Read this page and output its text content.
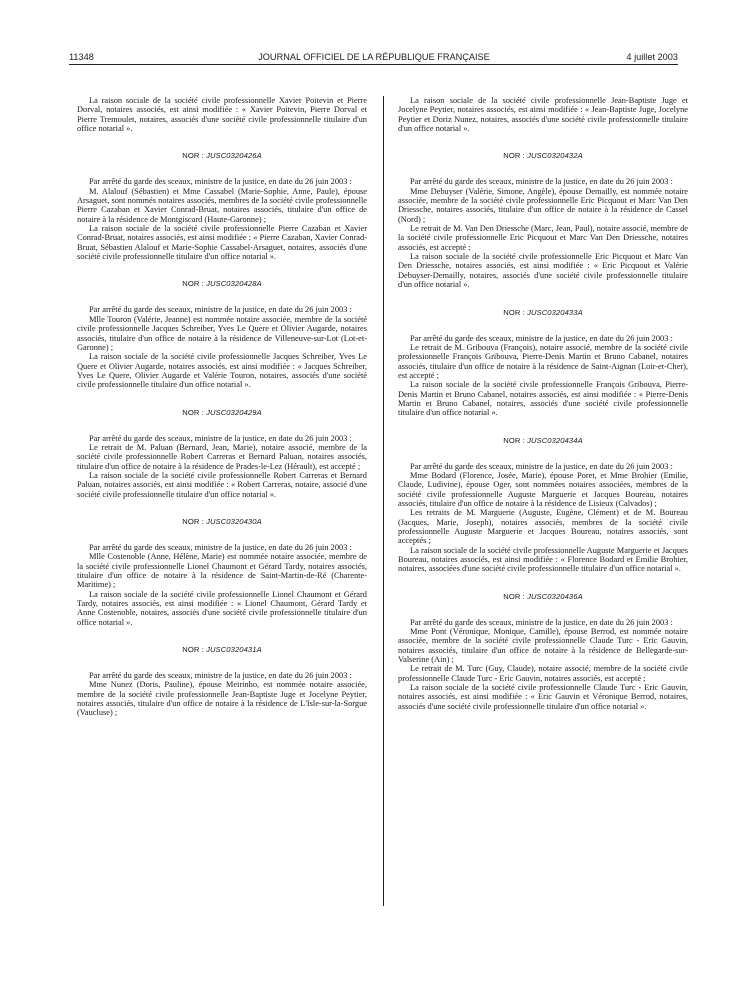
11348	JOURNAL OFFICIEL DE LA RÉPUBLIQUE FRANÇAISE	4 juillet 2003

La raison sociale de la société civile professionnelle Xavier Poitevin et Pierre Dorval, notaires associés, est ainsi modifiée : « Xavier Poitevin, Pierre Dorval et Pierre Tremoulet, notaires, associés d'une société civile professionnelle titulaire d'un office notarial ».

NOR : JUSC0320426A

Par arrêté du garde des sceaux, ministre de la justice, en date du 26 juin 2003 :

M. Alalouf (Sébastien) et Mme Cassabel (Marie-Sophie, Anne, Paule), épouse Arsaguet, sont nommés notaires associés, membres de la société civile professionnelle Pierre Cazaban et Xavier Conrad-Bruat, notaires associés, titulaire d'un office de notaire à la résidence de Montgiscard (Haute-Garonne) ;

La raison sociale de la société civile professionnelle Pierre Cazaban et Xavier Conrad-Bruat, notaires associés, est ainsi modifiée : « Pierre Cazaban, Xavier Conrad-Bruat, Sébastien Alalouf et Marie-Sophie Cassabel-Arsaguet, notaires, associés d'une société civile professionnelle titulaire d'un office notarial ».

NOR : JUSC0320428A

Par arrêté du garde des sceaux, ministre de la justice, en date du 26 juin 2003 :

Mlle Touron (Valérie, Jeanne) est nommée notaire associée, membre de la société civile professionnelle Jacques Schreiber, Yves Le Quere et Olivier Augarde, notaires associés, titulaire d'un office de notaire à la résidence de Villeneuve-sur-Lot (Lot-et-Garonne) ;

La raison sociale de la société civile professionnelle Jacques Schreiber, Yves Le Quere et Olivier Augarde, notaires associés, est ainsi modifiée : « Jacques Schreiber, Yves Le Quere, Olivier Augarde et Valérie Touron, notaires, associés d'une société civile professionnelle titulaire d'un office notarial ».

NOR : JUSC0320429A

Par arrêté du garde des sceaux, ministre de la justice, en date du 26 juin 2003 :

Le retrait de M. Paluan (Bernard, Jean, Marie), notaire associé, membre de la société civile professionnelle Robert Carreras et Bernard Paluan, notaires associés, titulaire d'un office de notaire à la résidence de Prades-le-Lez (Hérault), est accepté ;

La raison sociale de la société civile professionnelle Robert Carreras et Bernard Paluan, notaires associés, est ainsi modifiée : « Robert Carreras, notaire, associé d'une société civile professionnelle titulaire d'un office notarial ».

NOR : JUSC0320430A

Par arrêté du garde des sceaux, ministre de la justice, en date du 26 juin 2003 :

Mlle Costenoble (Anne, Hélène, Marie) est nommée notaire associée, membre de la société civile professionnelle Lionel Chaumont et Gérard Tardy, notaires associés, titulaire d'un office de notaire à la résidence de Saint-Martin-de-Ré (Charente-Maritime) ;

La raison sociale de la société civile professionnelle Lionel Chaumont et Gérard Tardy, notaires associés, est ainsi modifiée : « Lionel Chaumont, Gérard Tardy et Anne Costenoble, notaires, associés d'une société civile professionnelle titulaire d'un office notarial ».

NOR : JUSC0320431A

Par arrêté du garde des sceaux, ministre de la justice, en date du 26 juin 2003 :

Mme Nunez (Doris, Pauline), épouse Meirinho, est nommée notaire associée, membre de la société civile professionnelle Jean-Baptiste Juge et Jocelyne Peytier, notaires associés, titulaire d'un office de notaire à la résidence de L'Isle-sur-la-Sorgue (Vaucluse) ;

La raison sociale de la société civile professionnelle Jean-Baptiste Juge et Jocelyne Peytier, notaires associés, est ainsi modifiée : « Jean-Baptiste Juge, Jocelyne Peytier et Doriz Nunez, notaires, associés d'une société civile professionnelle titulaire d'un office notarial ».

NOR : JUSC0320432A

Par arrêté du garde des sceaux, ministre de la justice, en date du 26 juin 2003 :

Mme Debuyser (Valérie, Simone, Angèle), épouse Demailly, est nommée notaire associée, membre de la société civile professionnelle Eric Picquout et Marc Van Den Driessche, notaires associés, titulaire d'un office de notaire à la résidence de Cassel (Nord) ;

Le retrait de M. Van Den Driessche (Marc, Jean, Paul), notaire associé, membre de la société civile professionnelle Eric Picquout et Marc Van Den Driessche, notaires associés, est accepté ;

La raison sociale de la société civile professionnelle Eric Picquout et Marc Van Den Driessche, notaires associés, est ainsi modifiée : « Eric Picquout et Valérie Debuyser-Demailly, notaires, associés d'une société civile professionnelle titulaire d'un office notarial ».

NOR : JUSC0320433A

Par arrêté du garde des sceaux, ministre de la justice, en date du 26 juin 2003 :

Le retrait de M. Gribouva (François), notaire associé, membre de la société civile professionnelle François Gribouva, Pierre-Denis Martin et Bruno Cabanel, notaires associés, titulaire d'un office de notaire à la résidence de Saint-Aignan (Loir-et-Cher), est accepté ;

La raison sociale de la société civile professionnelle François Gribouva, Pierre-Denis Martin et Bruno Cabanel, notaires associés, est ainsi modifiée : « Pierre-Denis Martin et Bruno Cabanel, notaires, associés d'une société civile professionnelle titulaire d'un office notarial ».

NOR : JUSC0320434A

Par arrêté du garde des sceaux, ministre de la justice, en date du 26 juin 2003 :

Mme Bodard (Florence, Josée, Marie), épouse Poret, et Mme Brohier (Emilie, Claude, Ludivine), épouse Oger, sont nommées notaires associées, membres de la société civile professionnelle Auguste Marguerie et Jacques Boureau, notaires associés, titulaire d'un office de notaire à la résidence de Lisieux (Calvados) ;

Les retraits de M. Marguerie (Auguste, Eugène, Clément) et de M. Boureau (Jacques, Marie, Joseph), notaires associés, membres de la société civile professionnelle Auguste Marguerie et Jacques Boureau, notaires associés, sont acceptés ;

La raison sociale de la société civile professionnelle Auguste Marguerie et Jacques Boureau, notaires associés, est ainsi modifiée : « Florence Bodard et Emilie Brohier, notaires, associées d'une société civile professionnelle titulaire d'un office notarial ».

NOR : JUSC0320436A

Par arrêté du garde des sceaux, ministre de la justice, en date du 26 juin 2003 :

Mme Pont (Véronique, Monique, Camille), épouse Berrod, est nommée notaire associée, membre de la société civile professionnelle Claude Turc - Eric Gauvin, notaires associés, titulaire d'un office de notaire à la résidence de Bellegarde-sur-Valserine (Ain) ;

Le retrait de M. Turc (Guy, Claude), notaire associé, membre de la société civile professionnelle Claude Turc - Eric Gauvin, notaires associés, est accepté ;

La raison sociale de la société civile professionnelle Claude Turc - Eric Gauvin, notaires associés, est ainsi modifiée : « Eric Gauvin et Véronique Berrod, notaires, associés d'une société civile professionnelle titulaire d'un office notarial ».
